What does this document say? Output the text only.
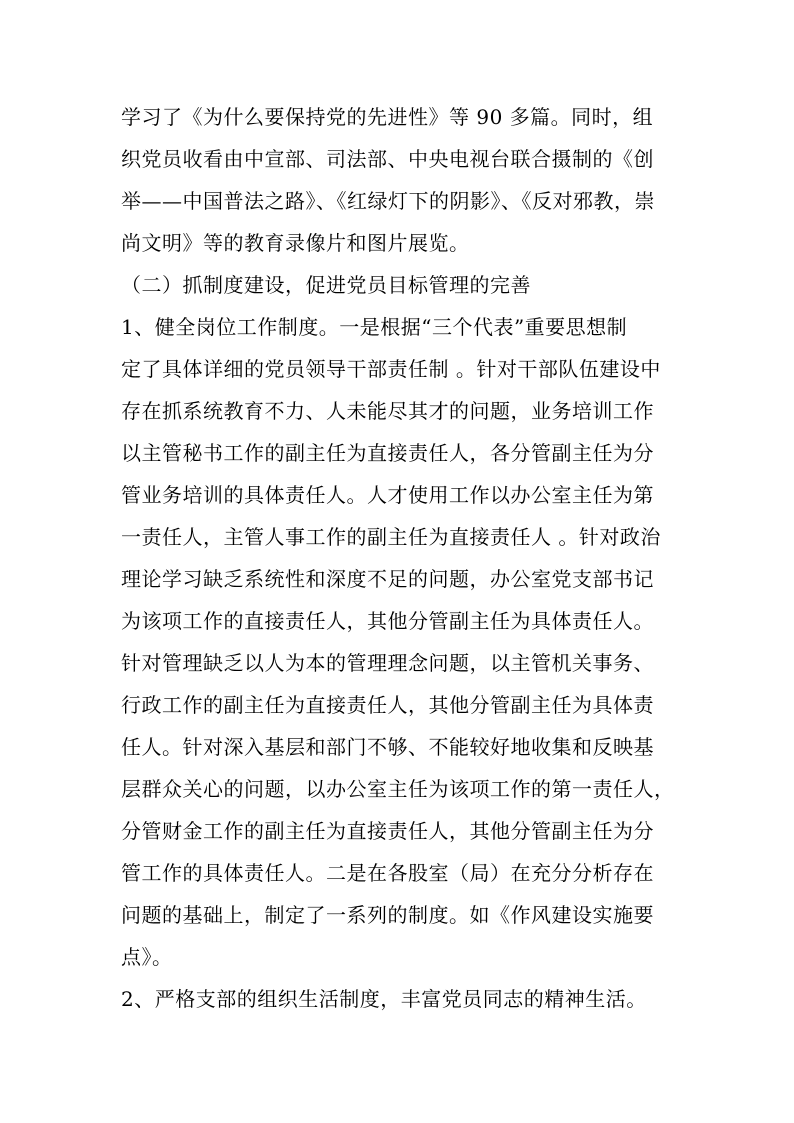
学习了《为什么要保持党的先进性》等 90 多篇。同时，组
织党员收看由中宣部、司法部、中央电视台联合摄制的《创
举——中国普法之路》、《红绿灯下的阴影》、《反对邪教，崇
尚文明》等的教育录像片和图片展览。
（二）抓制度建设，促进党员目标管理的完善
1、健全岗位工作制度。一是根据“三个代表”重要思想制
定了具体详细的党员领导干部责任制 。针对干部队伍建设中
存在抓系统教育不力、人未能尽其才的问题，业务培训工作
以主管秘书工作的副主任为直接责任人，各分管副主任为分
管业务培训的具体责任人。人才使用工作以办公室主任为第
一责任人，主管人事工作的副主任为直接责任人 。针对政治
理论学习缺乏系统性和深度不足的问题，办公室党支部书记
为该项工作的直接责任人，其他分管副主任为具体责任人。
针对管理缺乏以人为本的管理理念问题，以主管机关事务、
行政工作的副主任为直接责任人，其他分管副主任为具体责
任人。针对深入基层和部门不够、不能较好地收集和反映基
层群众关心的问题，以办公室主任为该项工作的第一责任人，
分管财金工作的副主任为直接责任人，其他分管副主任为分
管工作的具体责任人。二是在各股室（局）在充分分析存在
问题的基础上，制定了一系列的制度。如《作风建设实施要
点》。
2、严格支部的组织生活制度，丰富党员同志的精神生活。
